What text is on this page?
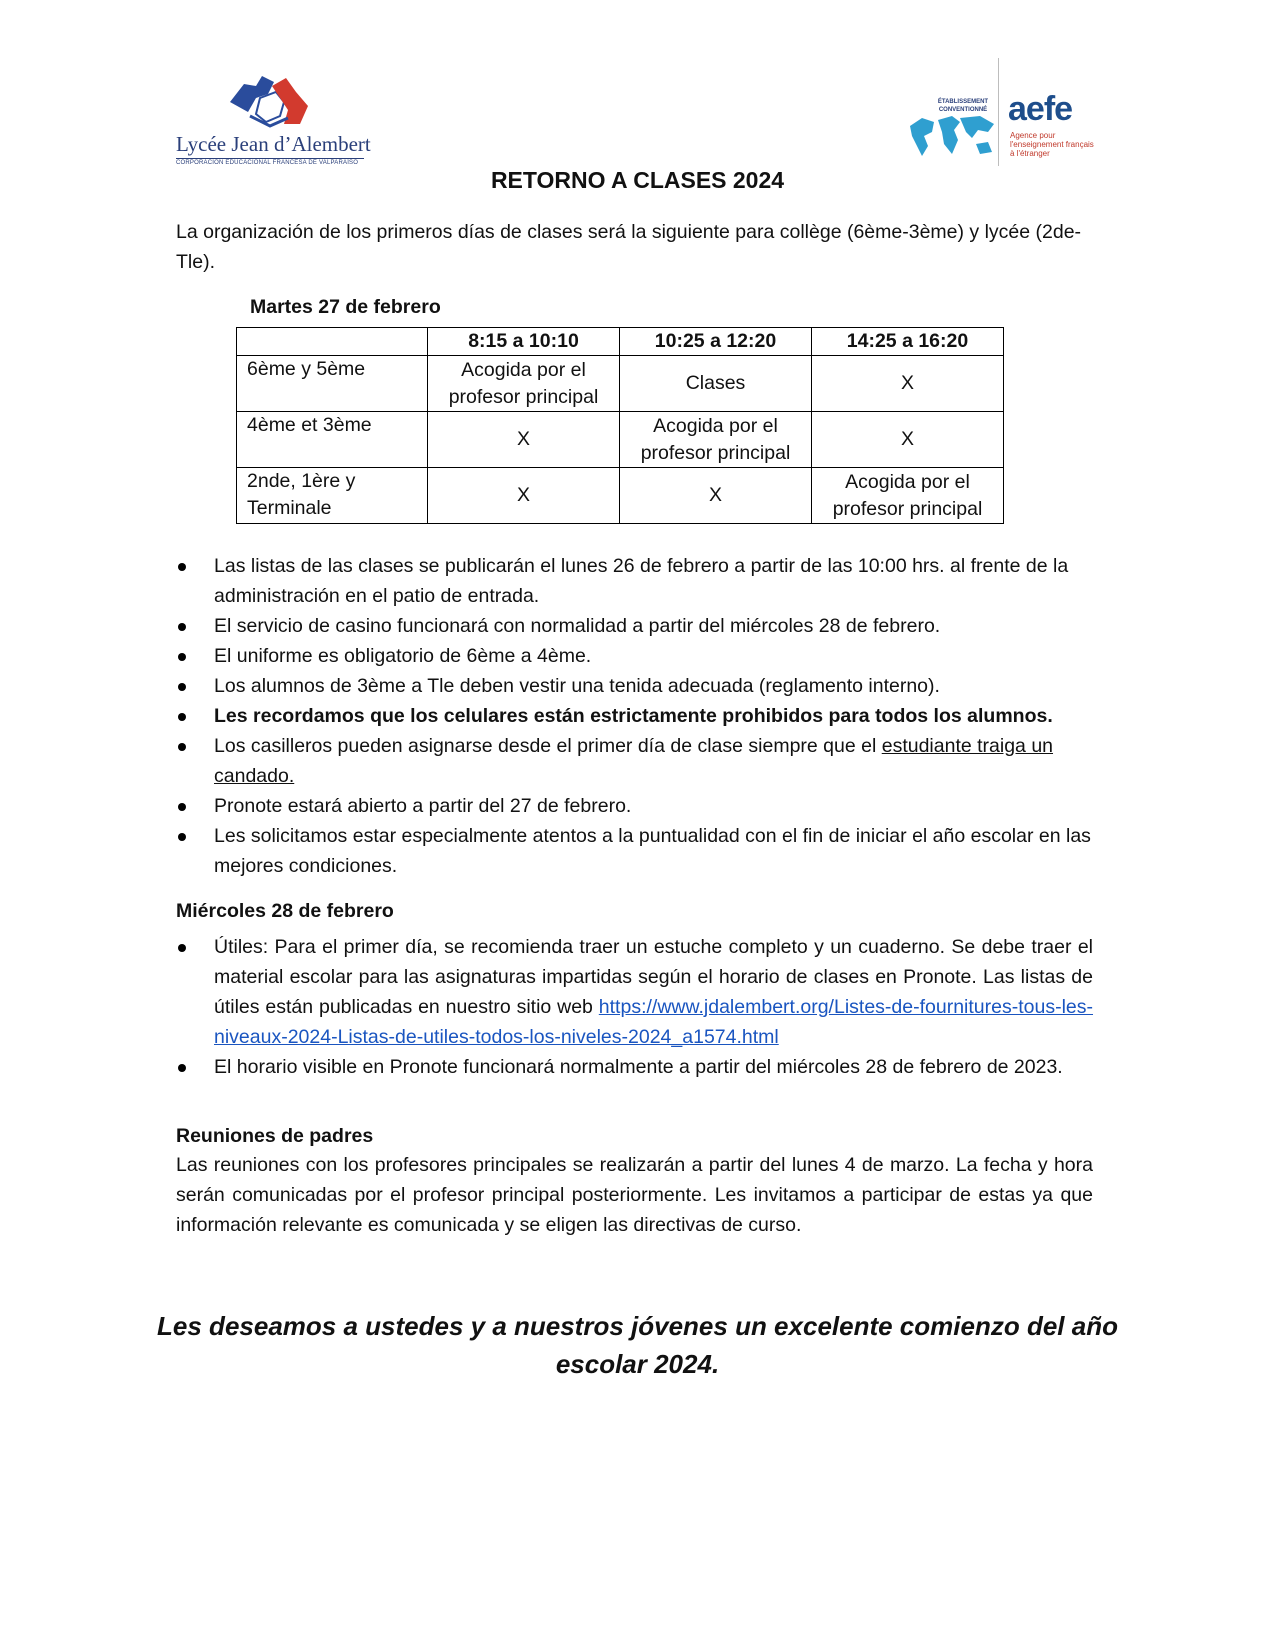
Lycée Jean d’Alembert
CORPORACIÓN EDUCACIONAL FRANCESA DE VALPARAÍSO
ÉTABLISSEMENT CONVENTIONNÉ aefe
Agence pour l'enseignement français à l'étranger
RETORNO A CLASES 2024
La organización de los primeros días de clases será la siguiente para collège (6ème-3ème) y lycée (2de-Tle).
Martes 27 de febrero
	8:15 a 10:10	10:25 a 12:20	14:25 a 16:20
6ème y 5ème	Acogida por el profesor principal	Clases	X
4ème et 3ème	X	Acogida por el profesor principal	X
2nde, 1ère y Terminale	X	X	Acogida por el profesor principal
Las listas de las clases se publicarán el lunes 26 de febrero a partir de las 10:00 hrs. al frente de la administración en el patio de entrada.
El servicio de casino funcionará con normalidad a partir del miércoles 28 de febrero.
El uniforme es obligatorio de 6ème a 4ème.
Los alumnos de 3ème a Tle deben vestir una tenida adecuada (reglamento interno).
Les recordamos que los celulares están estrictamente prohibidos para todos los alumnos.
Los casilleros pueden asignarse desde el primer día de clase siempre que el estudiante traiga un candado.
Pronote estará abierto a partir del 27 de febrero.
Les solicitamos estar especialmente atentos a la puntualidad con el fin de iniciar el año escolar en las mejores condiciones.
Miércoles 28 de febrero
Útiles: Para el primer día, se recomienda traer un estuche completo y un cuaderno. Se debe traer el material escolar para las asignaturas impartidas según el horario de clases en Pronote. Las listas de útiles están publicadas en nuestro sitio web https://www.jdalembert.org/Listes-de-fournitures-tous-les-niveaux-2024-Listas-de-utiles-todos-los-niveles-2024_a1574.html
El horario visible en Pronote funcionará normalmente a partir del miércoles 28 de febrero de 2023.
Reuniones de padres
Las reuniones con los profesores principales se realizarán a partir del lunes 4 de marzo. La fecha y hora serán comunicadas por el profesor principal posteriormente. Les invitamos a participar de estas ya que información relevante es comunicada y se eligen las directivas de curso.
Les deseamos a ustedes y a nuestros jóvenes un excelente comienzo del año escolar 2024.
